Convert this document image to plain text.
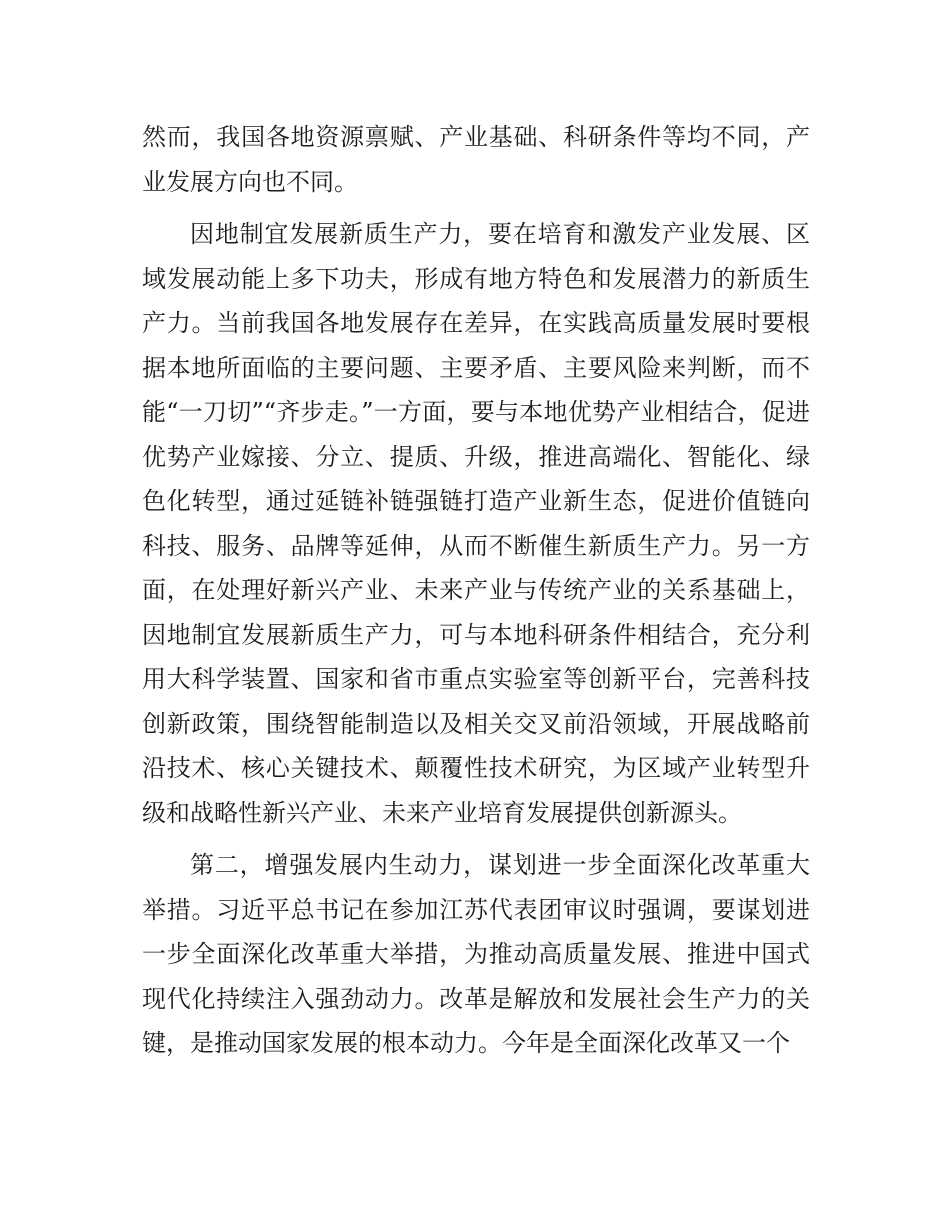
然而，我国各地资源禀赋、产业基础、科研条件等均不同，产业发展方向也不同。

因地制宜发展新质生产力，要在培育和激发产业发展、区域发展动能上多下功夫，形成有地方特色和发展潜力的新质生产力。当前我国各地发展存在差异，在实践高质量发展时要根据本地所面临的主要问题、主要矛盾、主要风险来判断，而不能“一刀切”“齐步走。”一方面，要与本地优势产业相结合，促进优势产业嫁接、分立、提质、升级，推进高端化、智能化、绿色化转型，通过延链补链强链打造产业新生态，促进价值链向科技、服务、品牌等延伸，从而不断催生新质生产力。另一方面，在处理好新兴产业、未来产业与传统产业的关系基础上，因地制宜发展新质生产力，可与本地科研条件相结合，充分利用大科学装置、国家和省市重点实验室等创新平台，完善科技创新政策，围绕智能制造以及相关交叉前沿领域，开展战略前沿技术、核心关键技术、颠覆性技术研究，为区域产业转型升级和战略性新兴产业、未来产业培育发展提供创新源头。

第二，增强发展内生动力，谋划进一步全面深化改革重大举措。习近平总书记在参加江苏代表团审议时强调，要谋划进一步全面深化改革重大举措，为推动高质量发展、推进中国式现代化持续注入强劲动力。改革是解放和发展社会生产力的关键，是推动国家发展的根本动力。今年是全面深化改革又一个
